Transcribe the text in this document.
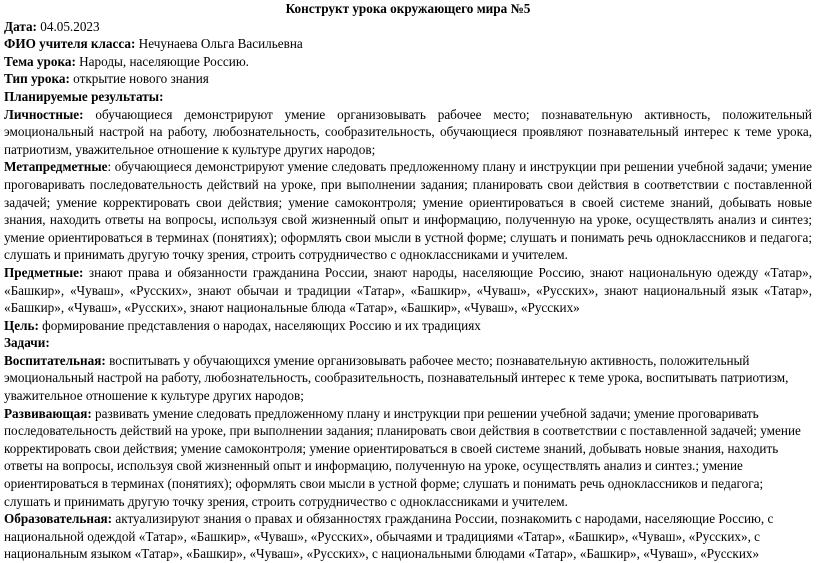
Конструкт урока окружающего мира №5

Дата: 04.05.2023

ФИО учителя класса: Нечунаева Ольга Васильевна

Тема урока: Народы, населяющие Россию.

Тип урока: открытие нового знания

Планируемые результаты:

Личностные: обучающиеся демонстрируют умение организовывать рабочее место; познавательную активность, положительный эмоциональный настрой на работу, любознательность, сообразительность, обучающиеся проявляют познавательный интерес к теме урока, патриотизм, уважительное отношение к культуре других народов;

Метапредметные: обучающиеся демонстрируют умение следовать предложенному плану и инструкции при решении учебной задачи; умение проговаривать последовательность действий на уроке, при выполнении задания; планировать свои действия в соответствии с поставленной задачей; умение корректировать свои действия; умение самоконтроля; умение ориентироваться в своей системе знаний, добывать новые знания, находить ответы на вопросы, используя свой жизненный опыт и информацию, полученную на уроке, осуществлять анализ и синтез; умение ориентироваться в терминах (понятиях); оформлять свои мысли в устной форме; слушать и понимать речь одноклассников и педагога; слушать и принимать другую точку зрения, строить сотрудничество с одноклассниками и учителем.

Предметные: знают права и обязанности гражданина России, знают народы, населяющие Россию, знают национальную одежду «Татар», «Башкир», «Чуваш», «Русских», знают обычаи и традиции «Татар», «Башкир», «Чуваш», «Русских», знают национальный язык «Татар», «Башкир», «Чуваш», «Русских», знают национальные блюда «Татар», «Башкир», «Чуваш», «Русских»

Цель: формирование представления о народах, населяющих Россию и их традициях

Задачи:

Воспитательная: воспитывать у обучающихся умение организовывать рабочее место; познавательную активность, положительный эмоциональный настрой на работу, любознательность, сообразительность, познавательный интерес к теме урока, воспитывать патриотизм, уважительное отношение к культуре других народов;

Развивающая: развивать умение следовать предложенному плану и инструкции при решении учебной задачи; умение проговаривать последовательность действий на уроке, при выполнении задания; планировать свои действия в соответствии с поставленной задачей; умение корректировать свои действия; умение самоконтроля; умение ориентироваться в своей системе знаний, добывать новые знания, находить ответы на вопросы, используя свой жизненный опыт и информацию, полученную на уроке, осуществлять анализ и синтез.; умение ориентироваться в терминах (понятиях); оформлять свои мысли в устной форме; слушать и понимать речь одноклассников и педагога; слушать и принимать другую точку зрения, строить сотрудничество с одноклассниками и учителем.

Образовательная: актуализируют знания о правах и обязанностях гражданина России, познакомить с народами, населяющие Россию, с национальной одеждой «Татар», «Башкир», «Чуваш», «Русских», обычаями и традициями «Татар», «Башкир», «Чуваш», «Русских», с национальным языком «Татар», «Башкир», «Чуваш», «Русских», с национальными блюдами «Татар», «Башкир», «Чуваш», «Русских»
